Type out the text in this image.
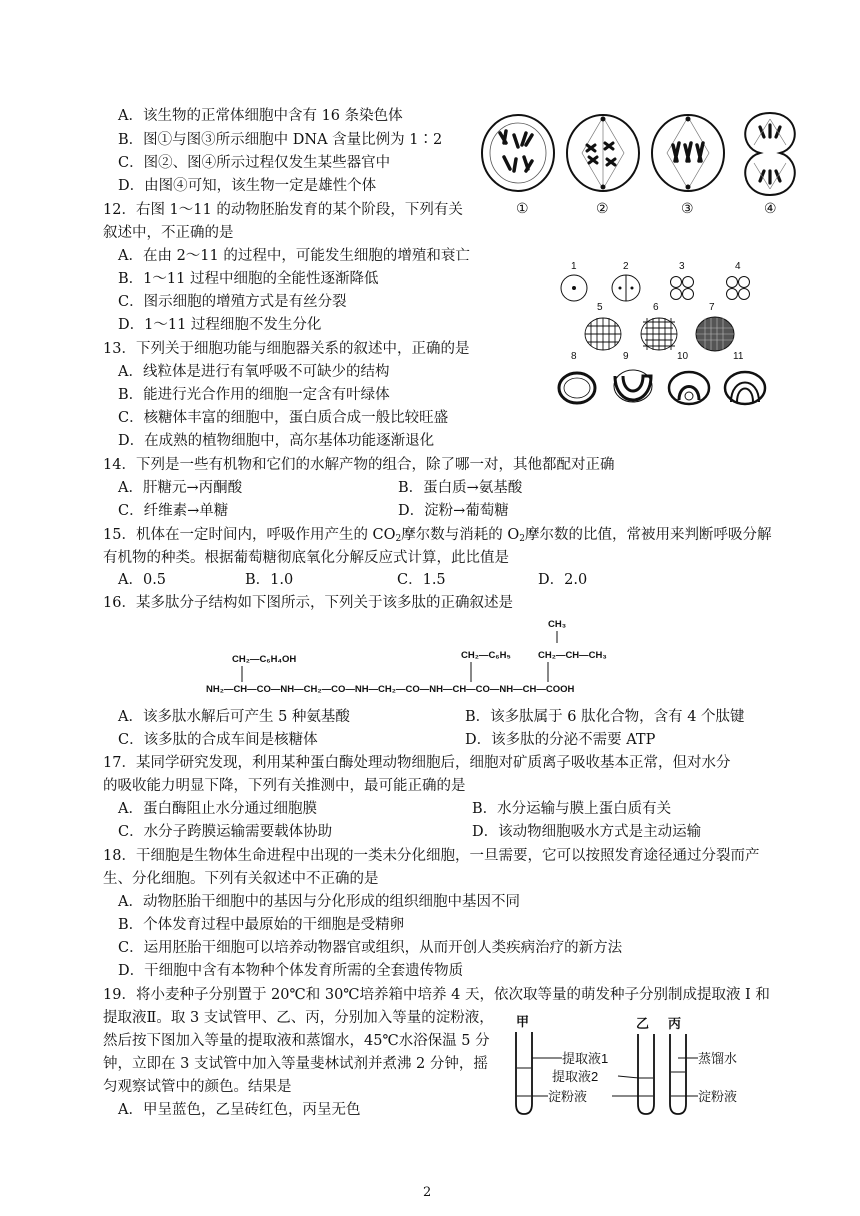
A．该生物的正常体细胞中含有 16 条染色体
B．图①与图③所示细胞中 DNA 含量比例为 1∶2
C．图②、图④所示过程仅发生某些器官中
D．由图④可知，该生物一定是雄性个体
①	②	③	④
12．右图 1～11 的动物胚胎发育的某个阶段，下列有关
叙述中，不正确的是
A．在由 2～11 的过程中，可能发生细胞的增殖和衰亡
B．1～11 过程中细胞的全能性逐渐降低
C．图示细胞的增殖方式是有丝分裂
D．1～11 过程细胞不发生分化
1	2	3	4
5	6	7
8	9	10	11
13．下列关于细胞功能与细胞器关系的叙述中，正确的是
A．线粒体是进行有氧呼吸不可缺少的结构
B．能进行光合作用的细胞一定含有叶绿体
C．核糖体丰富的细胞中，蛋白质合成一般比较旺盛
D．在成熟的植物细胞中，高尔基体功能逐渐退化
14．下列是一些有机物和它们的水解产物的组合，除了哪一对，其他都配对正确
A．肝糖元→丙酮酸	B．蛋白质→氨基酸
C．纤维素→单糖	D．淀粉→葡萄糖
15．机体在一定时间内，呼吸作用产生的 $CO_2$摩尔数与消耗的 $O_2$摩尔数的比值，常被用来判断呼吸分解
有机物的种类。根据葡萄糖彻底氧化分解反应式计算，此比值是
A．0.5	B．1.0	C．1.5	D．2.0
16．某多肽分子结构如下图所示，下列关于该多肽的正确叙述是
CH₃
CH₂—C₆H₄OH	CH₂—C₆H₅	CH₂—CH—CH₃
NH₂—CH—CO—NH—CH₂—CO—NH—CH₂—CO—NH—CH—CO—NH—CH—COOH
A．该多肽水解后可产生 5 种氨基酸	B．该多肽属于 6 肽化合物，含有 4 个肽键
C．该多肽的合成车间是核糖体	D．该多肽的分泌不需要 ATP
17．某同学研究发现，利用某种蛋白酶处理动物细胞后，细胞对矿质离子吸收基本正常，但对水分
的吸收能力明显下降，下列有关推测中，最可能正确的是
A．蛋白酶阻止水分通过细胞膜	B．水分运输与膜上蛋白质有关
C．水分子跨膜运输需要载体协助	D．该动物细胞吸水方式是主动运输
18．干细胞是生物体生命进程中出现的一类未分化细胞，一旦需要，它可以按照发育途径通过分裂而产
生、分化细胞。下列有关叙述中不正确的是
A．动物胚胎干细胞中的基因与分化形成的组织细胞中基因不同
B．个体发育过程中最原始的干细胞是受精卵
C．运用胚胎干细胞可以培养动物器官或组织，从而开创人类疾病治疗的新方法
D．干细胞中含有本物种个体发育所需的全套遗传物质
19．将小麦种子分别置于 20℃和 30℃培养箱中培养 4 天，依次取等量的萌发种子分别制成提取液 I 和
提取液Ⅱ。取 3 支试管甲、乙、丙，分别加入等量的淀粉液，
然后按下图加入等量的提取液和蒸馏水，45℃水浴保温 5 分
钟，立即在 3 支试管中加入等量斐林试剂并煮沸 2 分钟，摇
匀观察试管中的颜色。结果是
A．甲呈蓝色，乙呈砖红色，丙呈无色
甲	乙 丙
提取液1
提取液2
淀粉液
蒸馏水
淀粉液
2
